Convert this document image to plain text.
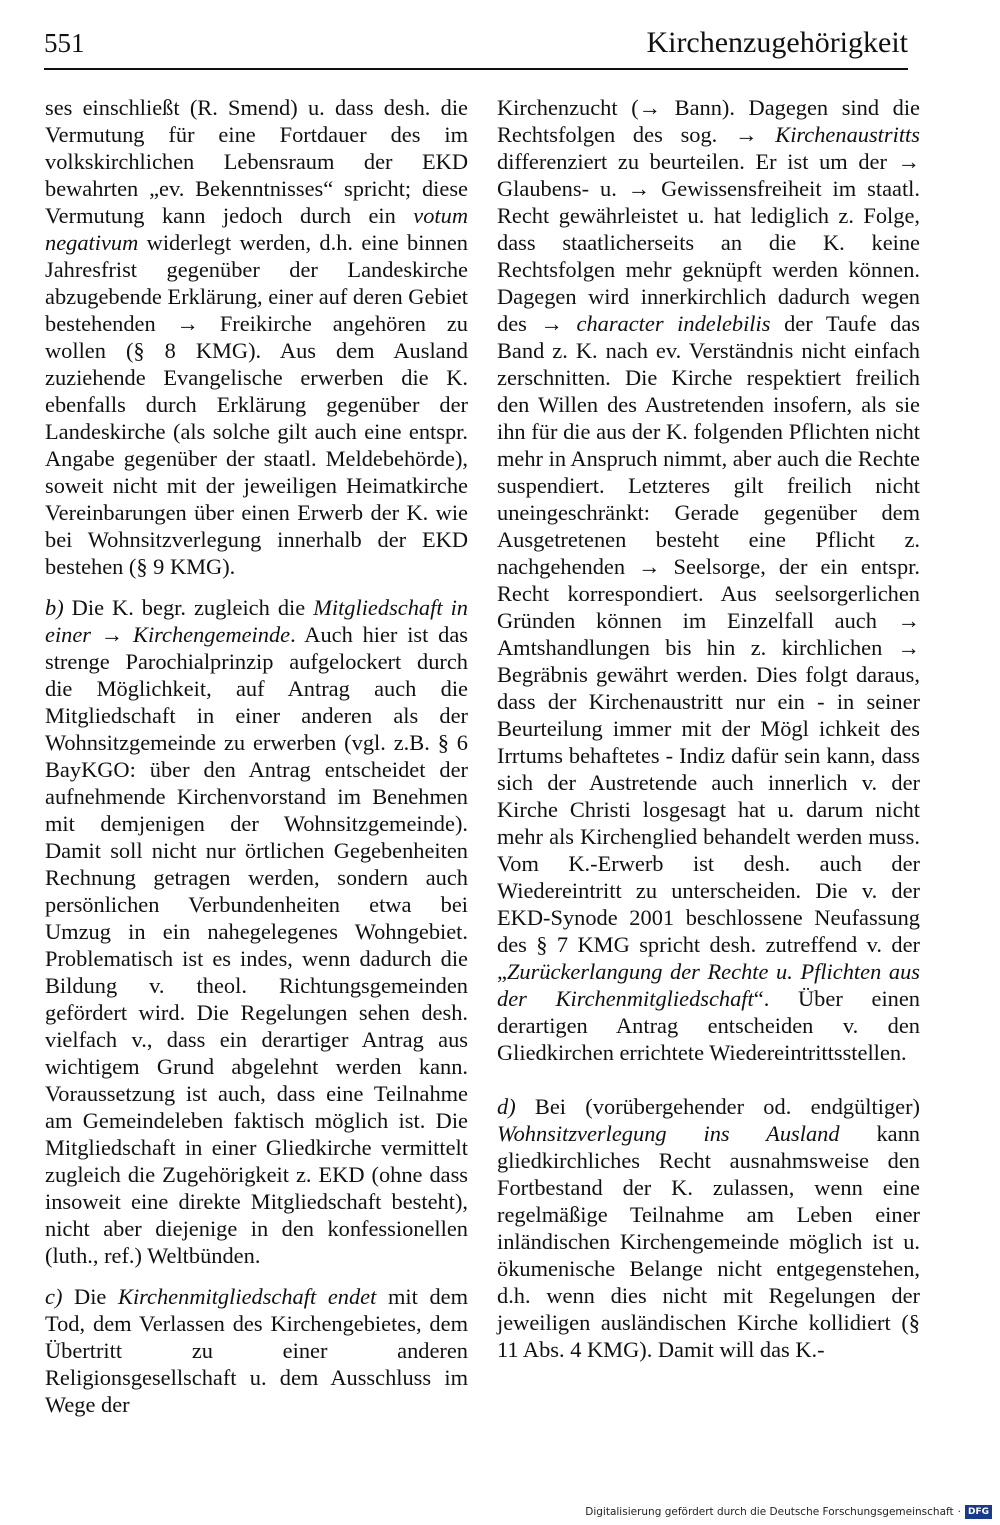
551	Kirchenzugehörigkeit

ses einschließt (R. Smend) u. dass desh. die Vermutung für eine Fortdauer des im volkskirchlichen Lebensraum der EKD bewahrten „ev. Bekenntnisses“ spricht; diese Vermutung kann jedoch durch ein votum negativum widerlegt werden, d.h. eine binnen Jahresfrist gegenüber der Landeskirche abzugebende Erklärung, einer auf deren Gebiet bestehenden → Freikirche angehören zu wollen (§ 8 KMG). Aus dem Ausland zuziehende Evangelische erwerben die K. ebenfalls durch Erklärung gegenüber der Landeskirche (als solche gilt auch eine entspr. Angabe gegenüber der staatl. Meldebehörde), soweit nicht mit der jeweiligen Heimatkirche Vereinbarungen über einen Erwerb der K. wie bei Wohnsitzverlegung innerhalb der EKD bestehen (§ 9 KMG).

b) Die K. begr. zugleich die Mitgliedschaft in einer → Kirchengemeinde. Auch hier ist das strenge Parochialprinzip aufgelockert durch die Möglichkeit, auf Antrag auch die Mitgliedschaft in einer anderen als der Wohnsitzgemeinde zu erwerben (vgl. z.B. § 6 BayKGO: über den Antrag entscheidet der aufnehmende Kirchenvorstand im Benehmen mit demjenigen der Wohnsitzgemeinde). Damit soll nicht nur örtlichen Gegebenheiten Rechnung getragen werden, sondern auch persönlichen Verbundenheiten etwa bei Umzug in ein nahegelegenes Wohngebiet. Problematisch ist es indes, wenn dadurch die Bildung v. theol. Richtungsgemeinden gefördert wird. Die Regelungen sehen desh. vielfach v., dass ein derartiger Antrag aus wichtigem Grund abgelehnt werden kann. Voraussetzung ist auch, dass eine Teilnahme am Gemeindeleben faktisch möglich ist. Die Mitgliedschaft in einer Gliedkirche vermittelt zugleich die Zugehörigkeit z. EKD (ohne dass insoweit eine direkte Mitgliedschaft besteht), nicht aber diejenige in den konfessionellen (luth., ref.) Weltbünden.

c) Die Kirchenmitgliedschaft endet mit dem Tod, dem Verlassen des Kirchengebietes, dem Übertritt zu einer anderen Religionsgesellschaft u. dem Ausschluss im Wege der

Kirchenzucht (→ Bann). Dagegen sind die Rechtsfolgen des sog. → Kirchenaustritts differenziert zu beurteilen. Er ist um der → Glaubens- u. → Gewissensfreiheit im staatl. Recht gewährleistet u. hat lediglich z. Folge, dass staatlicherseits an die K. keine Rechtsfolgen mehr geknüpft werden können. Dagegen wird innerkirchlich dadurch wegen des → character indelebilis der Taufe das Band z. K. nach ev. Verständnis nicht einfach zerschnitten. Die Kirche respektiert freilich den Willen des Austretenden insofern, als sie ihn für die aus der K. folgenden Pflichten nicht mehr in Anspruch nimmt, aber auch die Rechte suspendiert. Letzteres gilt freilich nicht uneingeschränkt: Gerade gegenüber dem Ausgetretenen besteht eine Pflicht z. nachgehenden → Seelsorge, der ein entspr. Recht korrespondiert. Aus seelsorgerlichen Gründen können im Einzelfall auch → Amtshandlungen bis hin z. kirchlichen → Begräbnis gewährt werden. Dies folgt daraus, dass der Kirchenaustritt nur ein - in seiner Beurteilung immer mit der Mögl ichkeit des Irrtums behaftetes - Indiz dafür sein kann, dass sich der Austretende auch innerlich v. der Kirche Christi losgesagt hat u. darum nicht mehr als Kirchenglied behandelt werden muss. Vom K.-Erwerb ist desh. auch der Wiedereintritt zu unterscheiden. Die v. der EKD-Synode 2001 beschlossene Neufassung des § 7 KMG spricht desh. zutreffend v. der „Zurückerlangung der Rechte u. Pflichten aus der Kirchenmitgliedschaft“. Über einen derartigen Antrag entscheiden v. den Gliedkirchen errichtete Wiedereintrittsstellen.

d) Bei (vorübergehender od. endgültiger) Wohnsitzverlegung ins Ausland kann gliedkirchliches Recht ausnahmsweise den Fortbestand der K. zulassen, wenn eine regelmäßige Teilnahme am Leben einer inländischen Kirchengemeinde möglich ist u. ökumenische Belange nicht entgegenstehen, d.h. wenn dies nicht mit Regelungen der jeweiligen ausländischen Kirche kollidiert (§ 11 Abs. 4 KMG). Damit will das K.-

Digitalisierung gefördert durch die Deutsche Forschungsgemeinschaft · DFG
